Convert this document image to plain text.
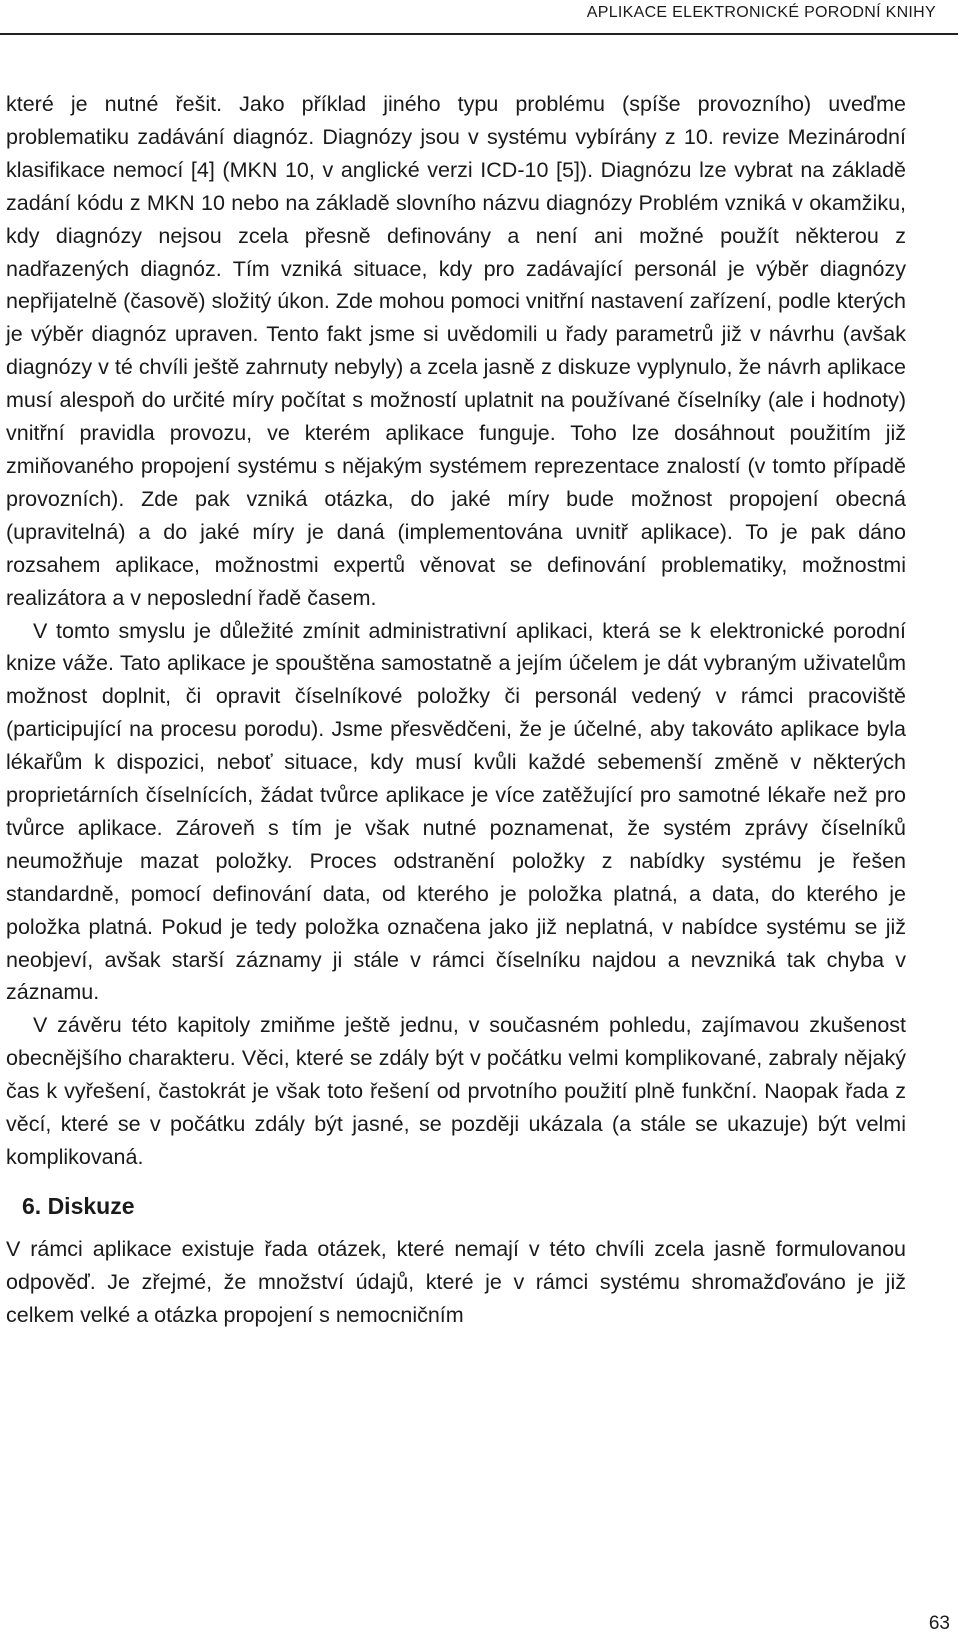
APLIKACE ELEKTRONICKÉ PORODNÍ KNIHY

které je nutné řešit. Jako příklad jiného typu problému (spíše provozního) uveďme problematiku zadávání diagnóz. Diagnózy jsou v systému vybírány z 10. revize Mezinárodní klasifikace nemocí [4] (MKN 10, v anglické verzi ICD-10 [5]). Diagnózu lze vybrat na základě zadání kódu z MKN 10 nebo na základě slovního názvu diagnózy Problém vzniká v okamžiku, kdy diagnózy nejsou zcela přesně definovány a není ani možné použít některou z nadřazených diagnóz. Tím vzniká situace, kdy pro zadávající personál je výběr diagnózy nepřijatelně (časově) složitý úkon. Zde mohou pomoci vnitřní nastavení zařízení, podle kterých je výběr diagnóz upraven. Tento fakt jsme si uvědomili u řady parametrů již v návrhu (avšak diagnózy v té chvíli ještě zahrnuty nebyly) a zcela jasně z diskuze vyplynulo, že návrh aplikace musí alespoň do určité míry počítat s možností uplatnit na používané číselníky (ale i hodnoty) vnitřní pravidla provozu, ve kterém aplikace funguje. Toho lze dosáhnout použitím již zmiňovaného propojení systému s nějakým systémem reprezentace znalostí (v tomto případě provozních). Zde pak vzniká otázka, do jaké míry bude možnost propojení obecná (upravitelná) a do jaké míry je daná (implementována uvnitř aplikace). To je pak dáno rozsahem aplikace, možnostmi expertů věnovat se definování problematiky, možnostmi realizátora a v neposlední řadě časem.

V tomto smyslu je důležité zmínit administrativní aplikaci, která se k elektronické porodní knize váže. Tato aplikace je spouštěna samostatně a jejím účelem je dát vybraným uživatelům možnost doplnit, či opravit číselníkové položky či personál vedený v rámci pracoviště (participující na procesu porodu). Jsme přesvědčeni, že je účelné, aby takováto aplikace byla lékařům k dispozici, neboť situace, kdy musí kvůli každé sebemenší změně v některých proprietárních číselnících, žádat tvůrce aplikace je více zatěžující pro samotné lékaře než pro tvůrce aplikace. Zároveň s tím je však nutné poznamenat, že systém zprávy číselníků neumožňuje mazat položky. Proces odstranění položky z nabídky systému je řešen standardně, pomocí definování data, od kterého je položka platná, a data, do kterého je položka platná. Pokud je tedy položka označena jako již neplatná, v nabídce systému se již neobjeví, avšak starší záznamy ji stále v rámci číselníku najdou a nevzniká tak chyba v záznamu.

V závěru této kapitoly zmiňme ještě jednu, v současném pohledu, zajímavou zkušenost obecnějšího charakteru. Věci, které se zdály být v počátku velmi komplikované, zabraly nějaký čas k vyřešení, častokrát je však toto řešení od prvotního použití plně funkční. Naopak řada z věcí, které se v počátku zdály být jasné, se později ukázala (a stále se ukazuje) být velmi komplikovaná.

6. Diskuze

V rámci aplikace existuje řada otázek, které nemají v této chvíli zcela jasně formulovanou odpověď. Je zřejmé, že množství údajů, které je v rámci systému shromažďováno je již celkem velké a otázka propojení s nemocničním

63
